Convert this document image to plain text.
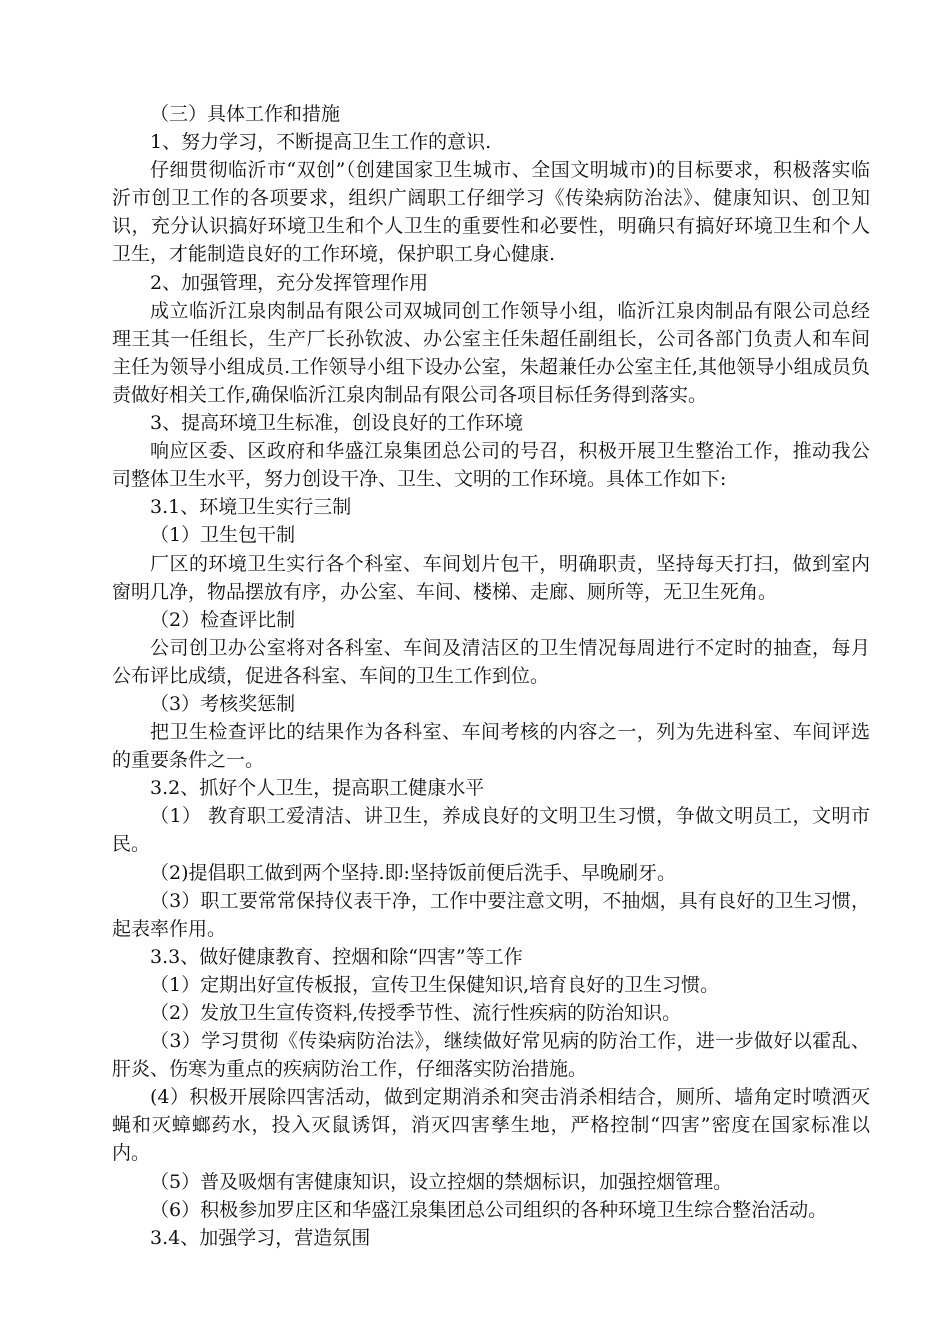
（三）具体工作和措施

1、努力学习，不断提高卫生工作的意识.

仔细贯彻临沂市“双创”（创建国家卫生城市、全国文明城市)的目标要求，积极落实临沂市创卫工作的各项要求，组织广阔职工仔细学习《传染病防治法》、健康知识、创卫知识，充分认识搞好环境卫生和个人卫生的重要性和必要性，明确只有搞好环境卫生和个人卫生，才能制造良好的工作环境，保护职工身心健康.

2、加强管理，充分发挥管理作用

成立临沂江泉肉制品有限公司双城同创工作领导小组，临沂江泉肉制品有限公司总经理王其一任组长，生产厂长孙钦波、办公室主任朱超任副组长，公司各部门负责人和车间主任为领导小组成员.工作领导小组下设办公室，朱超兼任办公室主任,其他领导小组成员负责做好相关工作,确保临沂江泉肉制品有限公司各项目标任务得到落实。

3、提高环境卫生标准，创设良好的工作环境

响应区委、区政府和华盛江泉集团总公司的号召，积极开展卫生整治工作，推动我公司整体卫生水平，努力创设干净、卫生、文明的工作环境。具体工作如下:

3.1、环境卫生实行三制

（1）卫生包干制

厂区的环境卫生实行各个科室、车间划片包干，明确职责，坚持每天打扫，做到室内窗明几净，物品摆放有序，办公室、车间、楼梯、走廊、厕所等，无卫生死角。

（2）检查评比制

公司创卫办公室将对各科室、车间及清洁区的卫生情况每周进行不定时的抽查，每月公布评比成绩，促进各科室、车间的卫生工作到位。

（3）考核奖惩制

把卫生检查评比的结果作为各科室、车间考核的内容之一，列为先进科室、车间评选的重要条件之一。

3.2、抓好个人卫生，提高职工健康水平

（1） 教育职工爱清洁、讲卫生，养成良好的文明卫生习惯，争做文明员工，文明市民。

（2)提倡职工做到两个坚持.即:坚持饭前便后洗手、早晚刷牙。

（3）职工要常常保持仪表干净，工作中要注意文明，不抽烟，具有良好的卫生习惯，起表率作用。

3.3、做好健康教育、控烟和除“四害”等工作

（1）定期出好宣传板报，宣传卫生保健知识,培育良好的卫生习惯。

（2）发放卫生宣传资料,传授季节性、流行性疾病的防治知识。

（3）学习贯彻《传染病防治法》，继续做好常见病的防治工作，进一步做好以霍乱、肝炎、伤寒为重点的疾病防治工作，仔细落实防治措施。

(4）积极开展除四害活动，做到定期消杀和突击消杀相结合，厕所、墙角定时喷洒灭蝇和灭蟑螂药水，投入灭鼠诱饵，消灭四害孳生地，严格控制“四害”密度在国家标准以内。

（5）普及吸烟有害健康知识，设立控烟的禁烟标识，加强控烟管理。

（6）积极参加罗庄区和华盛江泉集团总公司组织的各种环境卫生综合整治活动。

3.4、加强学习，营造氛围
